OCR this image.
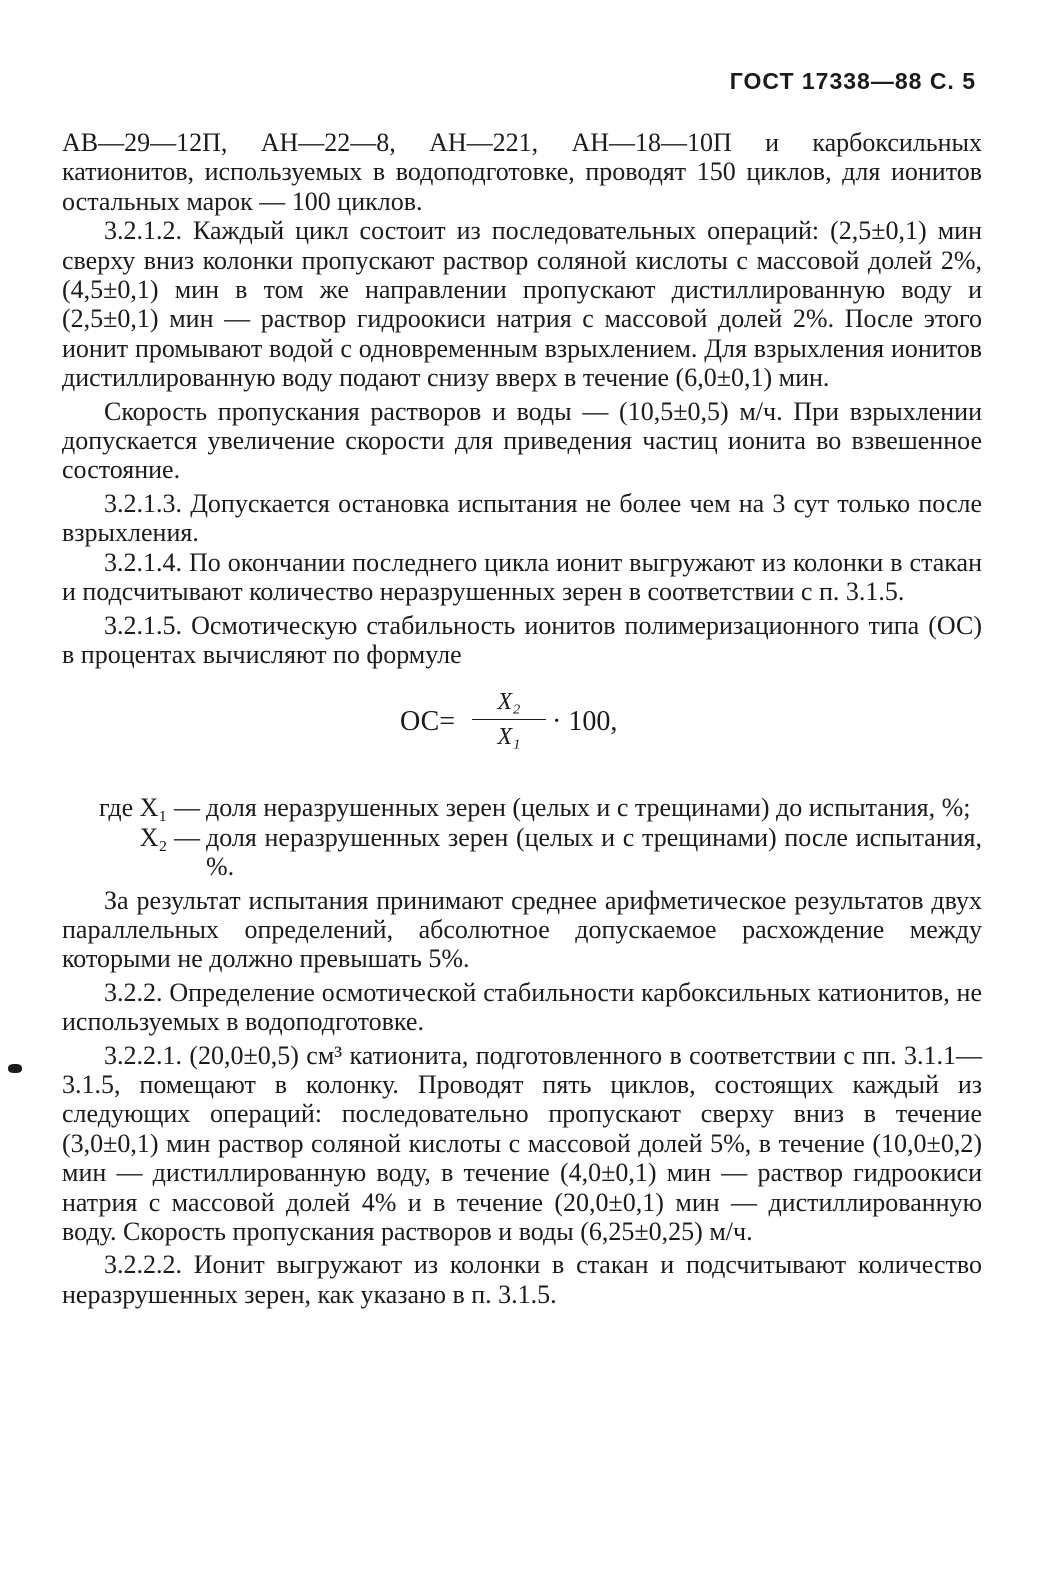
ГОСТ 17338—88 С. 5

АВ—29—12П, АН—22—8, АН—221, АН—18—10П и карбоксильных катионитов, используемых в водоподготовке, проводят 150 циклов, для ионитов остальных марок — 100 циклов.

3.2.1.2. Каждый цикл состоит из последовательных операций: (2,5±0,1) мин сверху вниз колонки пропускают раствор соляной кислоты с массовой долей 2%, (4,5±0,1) мин в том же направлении пропускают дистиллированную воду и (2,5±0,1) мин — раствор гидроокиси натрия с массовой долей 2%. После этого ионит промывают водой с одновременным взрыхлением. Для взрыхления ионитов дистиллированную воду подают снизу вверх в течение (6,0±0,1) мин.

Скорость пропускания растворов и воды — (10,5±0,5) м/ч. При взрыхлении допускается увеличение скорости для приведения частиц ионита во взвешенное состояние.

3.2.1.3. Допускается остановка испытания не более чем на 3 сут только после взрыхления.

3.2.1.4. По окончании последнего цикла ионит выгружают из колонки в стакан и подсчитывают количество неразрушенных зерен в соответствии с п. 3.1.5.

3.2.1.5. Осмотическую стабильность ионитов полимеризационного типа (ОС) в процентах вычисляют по формуле

ОС=
X₂
X₁	· 100,
где X₁ — доля неразрушенных зерен (целых и с трещинами) до испытания, %;
X₂ — доля неразрушенных зерен (целых и с трещинами) после испытания, %.

За результат испытания принимают среднее арифметическое результатов двух параллельных определений, абсолютное допускаемое расхождение между которыми не должно превышать 5%.

3.2.2. Определение осмотической стабильности карбоксильных катионитов, не используемых в водоподготовке.

3.2.2.1. (20,0±0,5) см³ катионита, подготовленного в соответствии с пп. 3.1.1—3.1.5, помещают в колонку. Проводят пять циклов, состоящих каждый из следующих операций: последовательно пропускают сверху вниз в течение (3,0±0,1) мин раствор соляной кислоты с массовой долей 5%, в течение (10,0±0,2) мин — дистиллированную воду, в течение (4,0±0,1) мин — раствор гидроокиси натрия с массовой долей 4% и в течение (20,0±0,1) мин — дистиллированную воду. Скорость пропускания растворов и воды (6,25±0,25) м/ч.

3.2.2.2. Ионит выгружают из колонки в стакан и подсчитывают количество неразрушенных зерен, как указано в п. 3.1.5.
